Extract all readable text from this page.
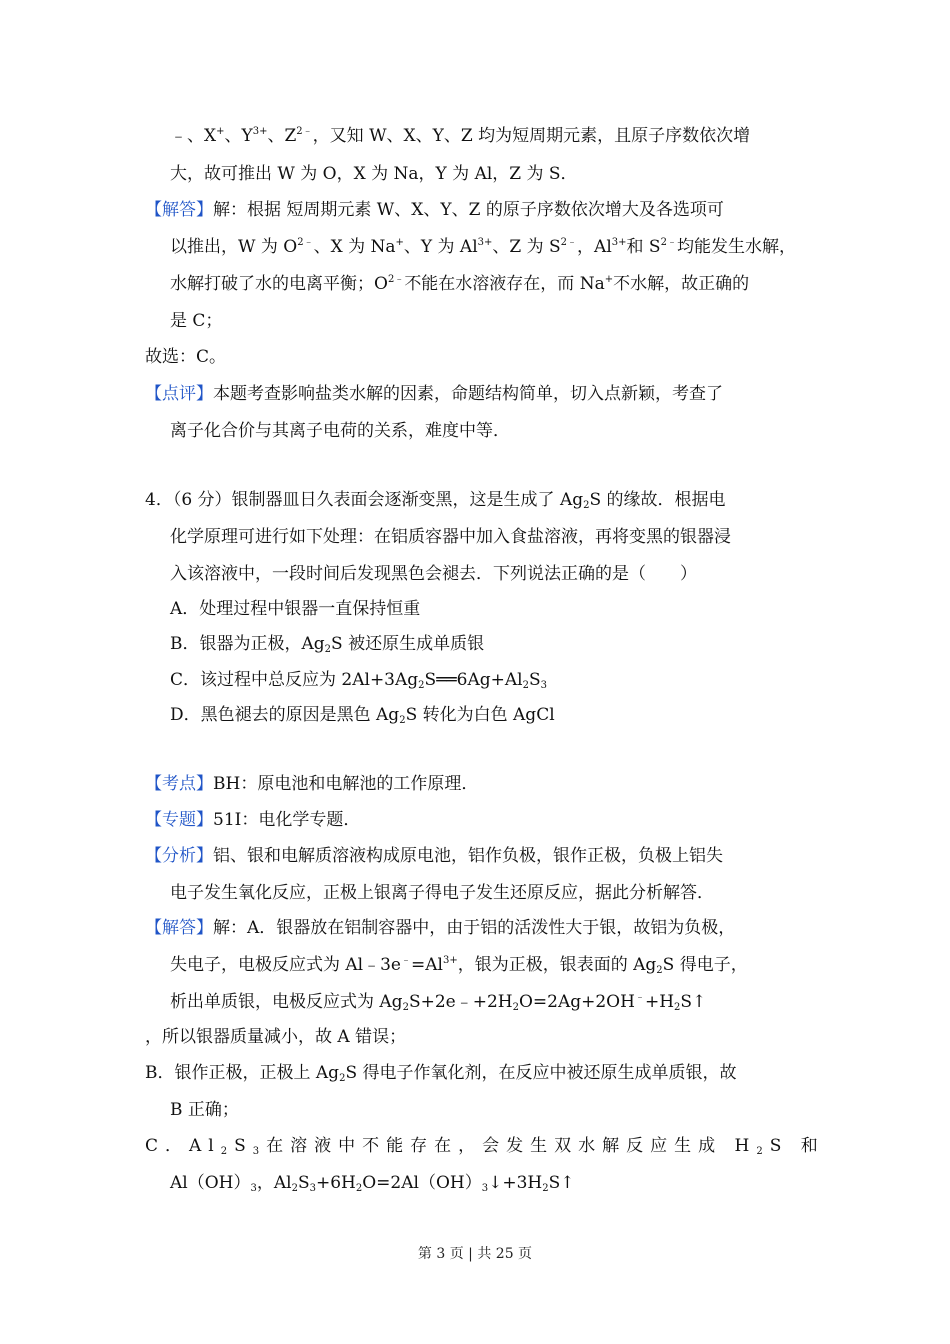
﹣、X+、$Y^{3+}$、$Z^{2﹣}$，又知 W、X、Y、Z 均为短周期元素，且原子序数依次增
大，故可推出 W 为 O，X 为 Na，Y 为 Al，Z 为 S．
【解答】解：根据 短周期元素 W、X、Y、Z 的原子序数依次增大及各选项可
以推出，W 为 $O^{2﹣}$、X 为 Na+、Y 为 $Al^{3+}$、Z 为 $S^{2﹣}$，$Al^{3+}$和 $S^{2﹣}$均能发生水解，
水解打破了水的电离平衡；$O^{2﹣}$不能在水溶液存在，而 Na+不水解，故正确的
是 C；
故选：C。
【点评】本题考查影响盐类水解的因素，命题结构简单，切入点新颖，考查了
离子化合价与其离子电荷的关系，难度中等．
4．（6 分）银制器皿日久表面会逐渐变黑，这是生成了 $Ag_2S$ 的缘故．根据电
化学原理可进行如下处理：在铝质容器中加入食盐溶液，再将变黑的银器浸
入该溶液中，一段时间后发现黑色会褪去．下列说法正确的是（　　）
A．处理过程中银器一直保持恒重
B．银器为正极，$Ag_2S$ 被还原生成单质银
C．该过程中总反应为 $2Al+3Ag_2S══6Ag+Al_2S_3$
D．黑色褪去的原因是黑色 $Ag_2S$ 转化为白色 AgCl
【考点】BH：原电池和电解池的工作原理．
【专题】51I：电化学专题．
【分析】铝、银和电解质溶液构成原电池，铝作负极，银作正极，负极上铝失
电子发生氧化反应，正极上银离子得电子发生还原反应，据此分析解答．
【解答】解：A．银器放在铝制容器中，由于铝的活泼性大于银，故铝为负极，
失电子，电极反应式为 $Al﹣3e^﹣=Al^{3+}$，银为正极，银表面的 $Ag_2S$ 得电子，
析出单质银，电极反应式为 $Ag_2S+2e﹣+2H_2O=2Ag+2OH^﹣+H_2S↑$
，所以银器质量减小，故 A 错误；
B．银作正极，正极上 $Ag_2S$ 得电子作氧化剂，在反应中被还原生成单质银，故
B 正确；
C．$Al_2S_3$在溶液中不能存在，会发生双水解反应生成 $H_2S$ 和
$Al(OH)_3$，$Al_2S_3+6H_2O=2Al(OH)_3↓+3H_2S↑$
第 3 页 | 共 25 页
